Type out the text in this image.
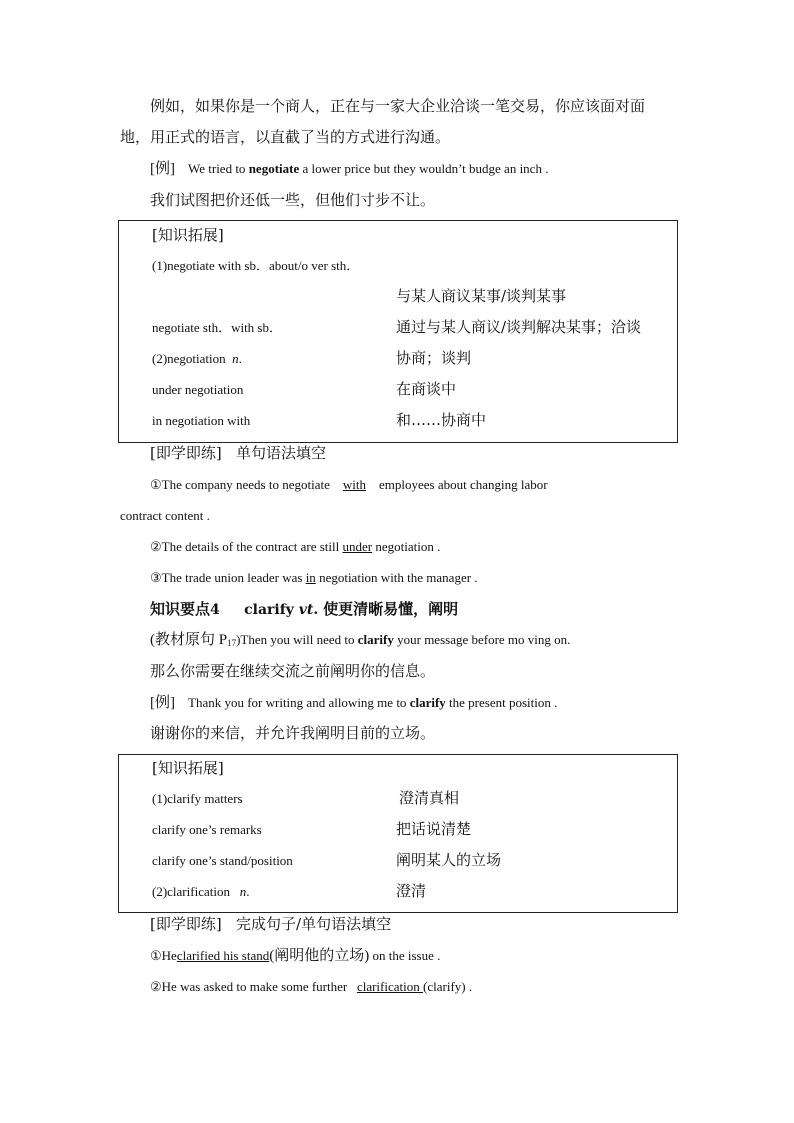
例如，如果你是一个商人，正在与一家大企业洽谈一笔交易，你应该面对面
地，用正式的语言，以直截了当的方式进行沟通。
[例] We tried to negotiate a lower price but they wouldn’t budge an inch .
我们试图把价还低一些，但他们寸步不让。
[知识拓展]
(1)negotiate with sb．about/o ver sth．
与某人商议某事/谈判某事
negotiate sth．with sb．	通过与某人商议/谈判解决某事；洽谈
(2)negotiation n.	协商；谈判
under negotiation	在商谈中
in negotiation with	和……协商中
[即学即练] 单句语法填空
①The company needs to negotiate with employees about changing labor
contract content .
②The details of the contract are still under negotiation .
③The trade union leader was in negotiation with the manager .
知识要点4 clarify vt. 使更清晰易懂，阐明
(教材原句 $P_{17})Then$ you will need to clarify your message before mo ving on.
那么你需要在继续交流之前阐明你的信息。
[例] Thank you for writing and allowing me to clarify the present position .
谢谢你的来信，并允许我阐明目前的立场。
[知识拓展]
(1)clarify matters	澄清真相
clarify one’s remarks	把话说清楚
clarify one’s stand/position	阐明某人的立场
(2)clarification n.	澄清
[即学即练] 完成句子/单句语法填空
①Heclarified his stand(阐明他的立场) on the issue .
②He was asked to make some further clarification (clarify) .
